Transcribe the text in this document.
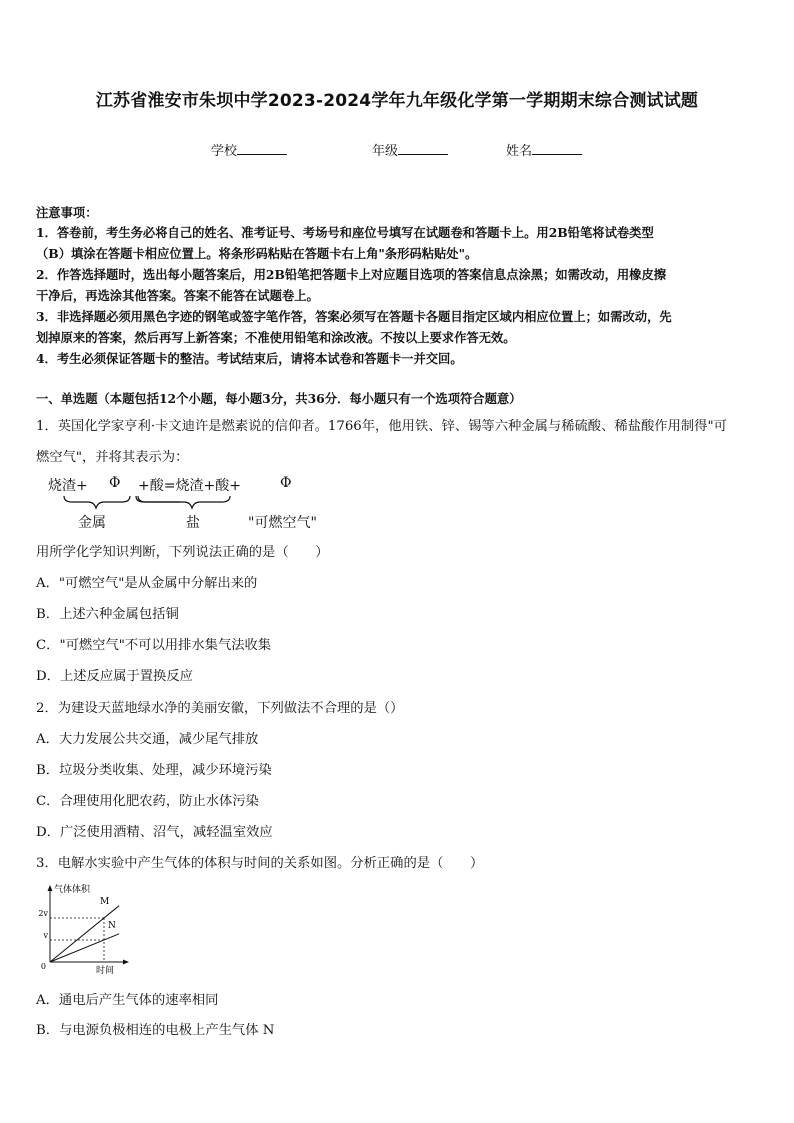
江苏省淮安市朱坝中学2023-2024学年九年级化学第一学期期末综合测试试题
学校	年级	姓名
注意事项：
1．答卷前，考生务必将自己的姓名、准考证号、考场号和座位号填写在试题卷和答题卡上。用2B铅笔将试卷类型
（B）填涂在答题卡相应位置上。将条形码粘贴在答题卡右上角"条形码粘贴处"。
2．作答选择题时，选出每小题答案后，用2B铅笔把答题卡上对应题目选项的答案信息点涂黑；如需改动，用橡皮擦
干净后，再选涂其他答案。答案不能答在试题卷上。
3．非选择题必须用黑色字迹的钢笔或签字笔作答，答案必须写在答题卡各题目指定区域内相应位置上；如需改动，先
划掉原来的答案，然后再写上新答案；不准使用铅笔和涂改液。不按以上要求作答无效。
4．考生必须保证答题卡的整洁。考试结束后，请将本试卷和答题卡一并交回。
一、单选题（本题包括12个小题，每小题3分，共36分．每小题只有一个选项符合题意）
1．英国化学家亨利·卡文迪许是燃素说的信仰者。1766年，他用铁、锌、锡等六种金属与稀硫酸、稀盐酸作用制得"可
燃空气"，并将其表示为：
烧渣+ Φ +酸=烧渣+酸+	Φ
金属	盐	"可燃空气"
用所学化学知识判断，下列说法正确的是（　　）
A．"可燃空气"是从金属中分解出来的
B．上述六种金属包括铜
C．"可燃空气"不可以用排水集气法收集
D．上述反应属于置换反应
2．为建设天蓝地绿水净的美丽安徽，下列做法不合理的是（）
A．大力发展公共交通，减少尾气排放
B．垃圾分类收集、处理，减少环境污染
C．合理使用化肥农药，防止水体污染
D．广泛使用酒精、沼气，减轻温室效应
3．电解水实验中产生气体的体积与时间的关系如图。分析正确的是（　　）
气体体积
时间
0
v
2v
M
N
A．通电后产生气体的速率相同
B．与电源负极相连的电极上产生气体 N
